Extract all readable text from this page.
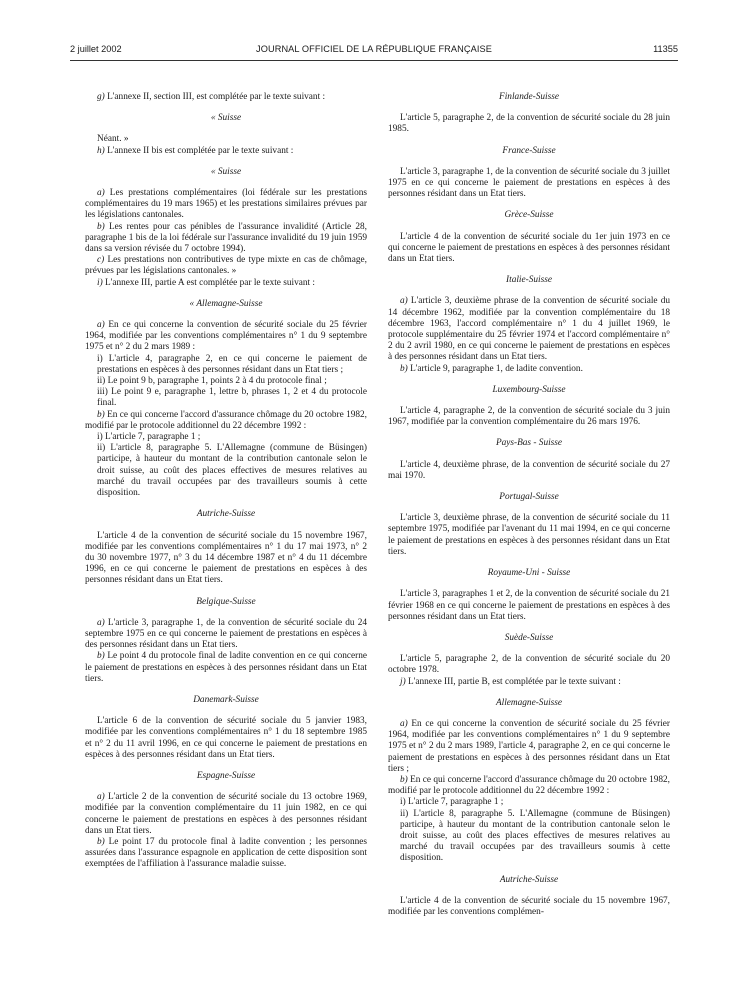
2 juillet 2002	JOURNAL OFFICIEL DE LA RÉPUBLIQUE FRANÇAISE	11355

g) L'annexe II, section III, est complétée par le texte suivant :

« Suisse

Néant. »

h) L'annexe II bis est complétée par le texte suivant :

« Suisse

a) Les prestations complémentaires (loi fédérale sur les prestations complémentaires du 19 mars 1965) et les prestations similaires prévues par les législations cantonales.

b) Les rentes pour cas pénibles de l'assurance invalidité (Article 28, paragraphe 1 bis de la loi fédérale sur l'assurance invalidité du 19 juin 1959 dans sa version révisée du 7 octobre 1994).

c) Les prestations non contributives de type mixte en cas de chômage, prévues par les législations cantonales. »

i) L'annexe III, partie A est complétée par le texte suivant :

« Allemagne-Suisse

a) En ce qui concerne la convention de sécurité sociale du 25 février 1964, modifiée par les conventions complémentaires n° 1 du 9 septembre 1975 et n° 2 du 2 mars 1989 :

i) L'article 4, paragraphe 2, en ce qui concerne le paiement de prestations en espèces à des personnes résidant dans un Etat tiers ;

ii) Le point 9 b, paragraphe 1, points 2 à 4 du protocole final ;

iii) Le point 9 e, paragraphe 1, lettre b, phrases 1, 2 et 4 du protocole final.

b) En ce qui concerne l'accord d'assurance chômage du 20 octobre 1982, modifié par le protocole additionnel du 22 décembre 1992 :

i) L'article 7, paragraphe 1 ;

ii) L'article 8, paragraphe 5. L'Allemagne (commune de Büsingen) participe, à hauteur du montant de la contribution cantonale selon le droit suisse, au coût des places effectives de mesures relatives au marché du travail occupées par des travailleurs soumis à cette disposition.

Autriche-Suisse

L'article 4 de la convention de sécurité sociale du 15 novembre 1967, modifiée par les conventions complémentaires n° 1 du 17 mai 1973, n° 2 du 30 novembre 1977, n° 3 du 14 décembre 1987 et n° 4 du 11 décembre 1996, en ce qui concerne le paiement de prestations en espèces à des personnes résidant dans un Etat tiers.

Belgique-Suisse

a) L'article 3, paragraphe 1, de la convention de sécurité sociale du 24 septembre 1975 en ce qui concerne le paiement de prestations en espèces à des personnes résidant dans un Etat tiers.

b) Le point 4 du protocole final de ladite convention en ce qui concerne le paiement de prestations en espèces à des personnes résidant dans un Etat tiers.

Danemark-Suisse

L'article 6 de la convention de sécurité sociale du 5 janvier 1983, modifiée par les conventions complémentaires n° 1 du 18 septembre 1985 et n° 2 du 11 avril 1996, en ce qui concerne le paiement de prestations en espèces à des personnes résidant dans un Etat tiers.

Espagne-Suisse

a) L'article 2 de la convention de sécurité sociale du 13 octobre 1969, modifiée par la convention complémentaire du 11 juin 1982, en ce qui concerne le paiement de prestations en espèces à des personnes résidant dans un Etat tiers.

b) Le point 17 du protocole final à ladite convention ; les personnes assurées dans l'assurance espagnole en application de cette disposition sont exemptées de l'affiliation à l'assurance maladie suisse.

Finlande-Suisse

L'article 5, paragraphe 2, de la convention de sécurité sociale du 28 juin 1985.

France-Suisse

L'article 3, paragraphe 1, de la convention de sécurité sociale du 3 juillet 1975 en ce qui concerne le paiement de prestations en espèces à des personnes résidant dans un Etat tiers.

Grèce-Suisse

L'article 4 de la convention de sécurité sociale du 1er juin 1973 en ce qui concerne le paiement de prestations en espèces à des personnes résidant dans un Etat tiers.

Italie-Suisse

a) L'article 3, deuxième phrase de la convention de sécurité sociale du 14 décembre 1962, modifiée par la convention complémentaire du 18 décembre 1963, l'accord complémentaire n° 1 du 4 juillet 1969, le protocole supplémentaire du 25 février 1974 et l'accord complémentaire n° 2 du 2 avril 1980, en ce qui concerne le paiement de prestations en espèces à des personnes résidant dans un Etat tiers.

b) L'article 9, paragraphe 1, de ladite convention.

Luxembourg-Suisse

L'article 4, paragraphe 2, de la convention de sécurité sociale du 3 juin 1967, modifiée par la convention complémentaire du 26 mars 1976.

Pays-Bas - Suisse

L'article 4, deuxième phrase, de la convention de sécurité sociale du 27 mai 1970.

Portugal-Suisse

L'article 3, deuxième phrase, de la convention de sécurité sociale du 11 septembre 1975, modifiée par l'avenant du 11 mai 1994, en ce qui concerne le paiement de prestations en espèces à des personnes résidant dans un Etat tiers.

Royaume-Uni - Suisse

L'article 3, paragraphes 1 et 2, de la convention de sécurité sociale du 21 février 1968 en ce qui concerne le paiement de prestations en espèces à des personnes résidant dans un Etat tiers.

Suède-Suisse

L'article 5, paragraphe 2, de la convention de sécurité sociale du 20 octobre 1978.

j) L'annexe III, partie B, est complétée par le texte suivant :

Allemagne-Suisse

a) En ce qui concerne la convention de sécurité sociale du 25 février 1964, modifiée par les conventions complémentaires n° 1 du 9 septembre 1975 et n° 2 du 2 mars 1989, l'article 4, paragraphe 2, en ce qui concerne le paiement de prestations en espèces à des personnes résidant dans un Etat tiers ;

b) En ce qui concerne l'accord d'assurance chômage du 20 octobre 1982, modifié par le protocole additionnel du 22 décembre 1992 :

i) L'article 7, paragraphe 1 ;

ii) L'article 8, paragraphe 5. L'Allemagne (commune de Büsingen) participe, à hauteur du montant de la contribution cantonale selon le droit suisse, au coût des places effectives de mesures relatives au marché du travail occupées par des travailleurs soumis à cette disposition.

Autriche-Suisse

L'article 4 de la convention de sécurité sociale du 15 novembre 1967, modifiée par les conventions complémen-
